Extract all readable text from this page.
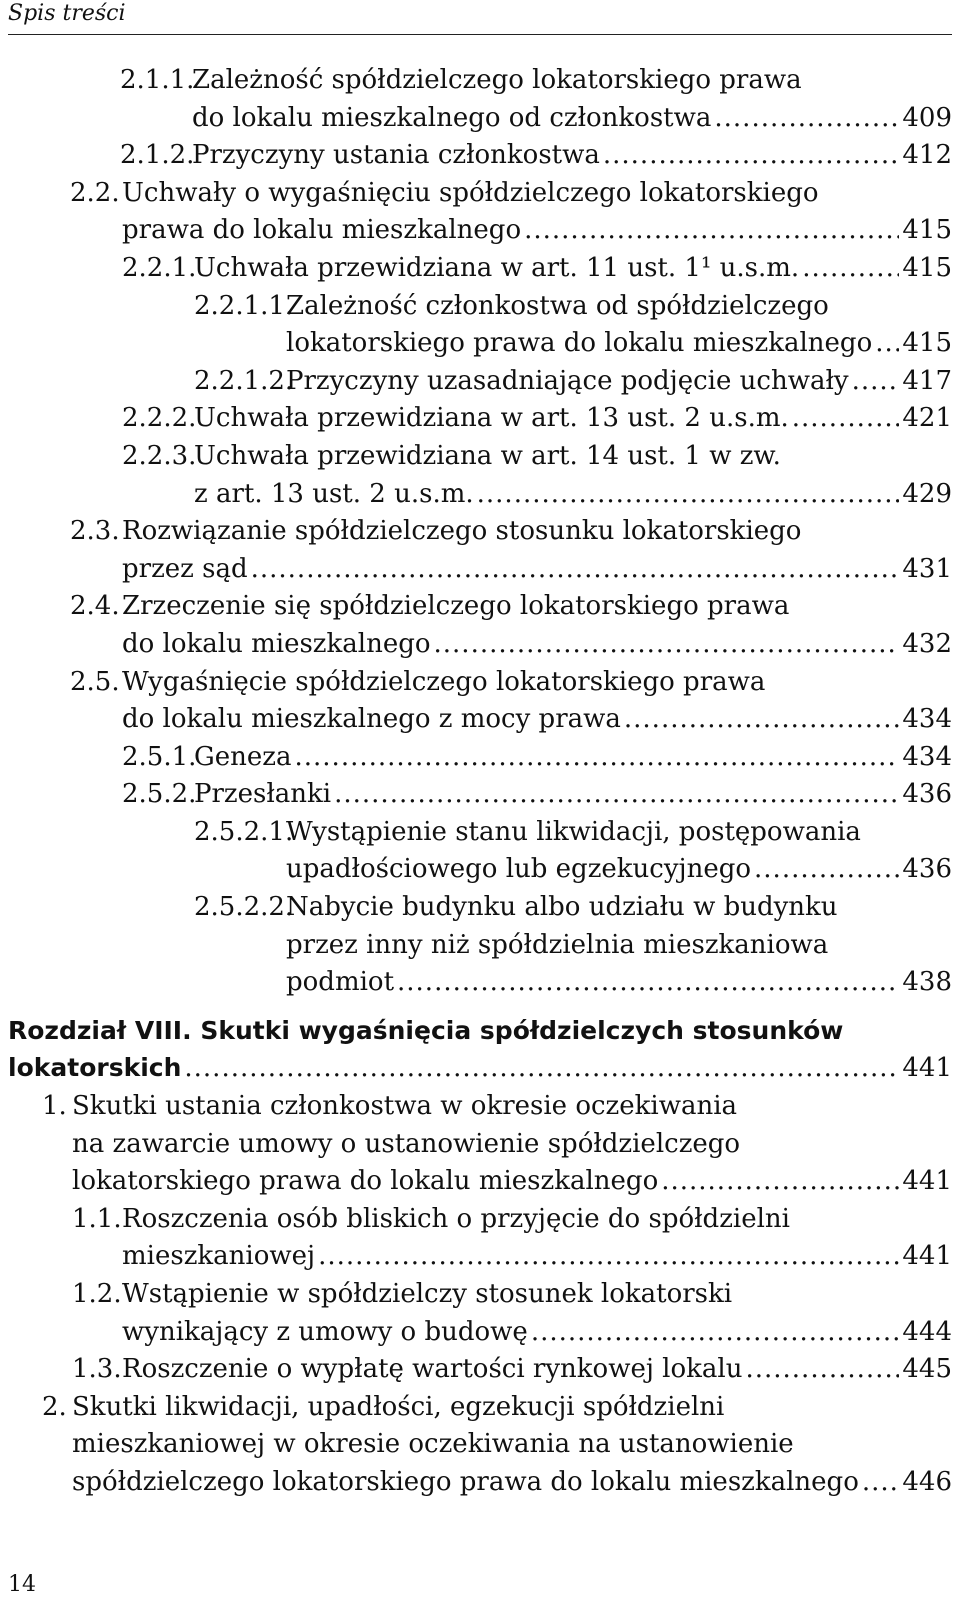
Spis treści
2.1.1.
Zależność spółdzielczego lokatorskiego prawa
do lokalu mieszkalnego od członkostwa .....	409
2.1.2.
Przyczyny ustania członkostwa .....	412
2.2. Uchwały o wygaśnięciu spółdzielczego lokatorskiego
prawa do lokalu mieszkalnego .....	415
2.2.1.
Uchwała przewidziana w art. 11 ust. 1¹ u.s.m. .....	415
2.2.1.1.
Zależność członkostwa od spółdzielczego
lokatorskiego prawa do lokalu mieszkalnego ..... 415
2.2.1.2.
Przyczyny uzasadniające podjęcie uchwały ..... 417
2.2.2.
Uchwała przewidziana w art. 13 ust. 2 u.s.m. .....	421
2.2.3.
Uchwała przewidziana w art. 14 ust. 1 w zw.
z art. 13 ust. 2 u.s.m. .....	429
2.3. Rozwiązanie spółdzielczego stosunku lokatorskiego
przez sąd .....	431
2.4. Zrzeczenie się spółdzielczego lokatorskiego prawa
do lokalu mieszkalnego .....	432
2.5. Wygaśnięcie spółdzielczego lokatorskiego prawa
do lokalu mieszkalnego z mocy prawa .....	434
2.5.1.
Geneza .....	434
2.5.2.
Przesłanki .....	436
2.5.2.1.
Wystąpienie stanu likwidacji, postępowania
upadłościowego lub egzekucyjnego .....	436
2.5.2.2.
Nabycie budynku albo udziału w budynku
przez inny niż spółdzielnia mieszkaniowa
podmiot .....	438
Rozdział VIII. Skutki wygaśnięcia spółdzielczych stosunków
lokatorskich .....	441
1. Skutki ustania członkostwa w okresie oczekiwania
na zawarcie umowy o ustanowienie spółdzielczego
lokatorskiego prawa do lokalu mieszkalnego .....	441
1.1. Roszczenia osób bliskich o przyjęcie do spółdzielni
mieszkaniowej .....	441
1.2. Wstąpienie w spółdzielczy stosunek lokatorski
wynikający z umowy o budowę .....	444
1.3. Roszczenie o wypłatę wartości rynkowej lokalu .....	445
2. Skutki likwidacji, upadłości, egzekucji spółdzielni
mieszkaniowej w okresie oczekiwania na ustanowienie
spółdzielczego lokatorskiego prawa do lokalu mieszkalnego ..... 446
14
